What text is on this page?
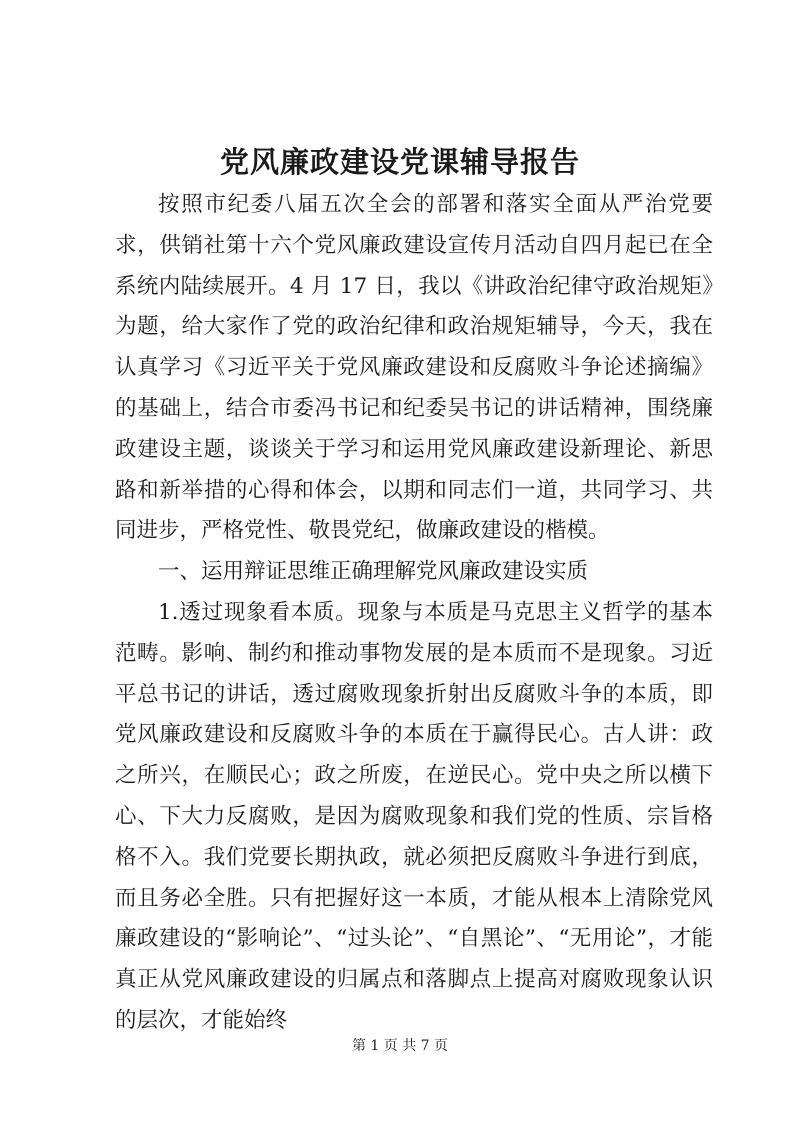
党风廉政建设党课辅导报告

按照市纪委八届五次全会的部署和落实全面从严治党要求，供销社第十六个党风廉政建设宣传月活动自四月起已在全系统内陆续展开。4 月 17 日，我以《讲政治纪律守政治规矩》为题，给大家作了党的政治纪律和政治规矩辅导，今天，我在认真学习《习近平关于党风廉政建设和反腐败斗争论述摘编》的基础上，结合市委冯书记和纪委吴书记的讲话精神，围绕廉政建设主题，谈谈关于学习和运用党风廉政建设新理论、新思路和新举措的心得和体会，以期和同志们一道，共同学习、共同进步，严格党性、敬畏党纪，做廉政建设的楷模。

一、运用辩证思维正确理解党风廉政建设实质

1.透过现象看本质。现象与本质是马克思主义哲学的基本范畴。影响、制约和推动事物发展的是本质而不是现象。习近平总书记的讲话，透过腐败现象折射出反腐败斗争的本质，即党风廉政建设和反腐败斗争的本质在于赢得民心。古人讲：政之所兴，在顺民心；政之所废，在逆民心。党中央之所以横下心、下大力反腐败，是因为腐败现象和我们党的性质、宗旨格格不入。我们党要长期执政，就必须把反腐败斗争进行到底，而且务必全胜。只有把握好这一本质，才能从根本上清除党风廉政建设的“影响论”、“过头论”、“自黑论”、“无用论”，才能真正从党风廉政建设的归属点和落脚点上提高对腐败现象认识的层次，才能始终

第 1 页 共 7 页
